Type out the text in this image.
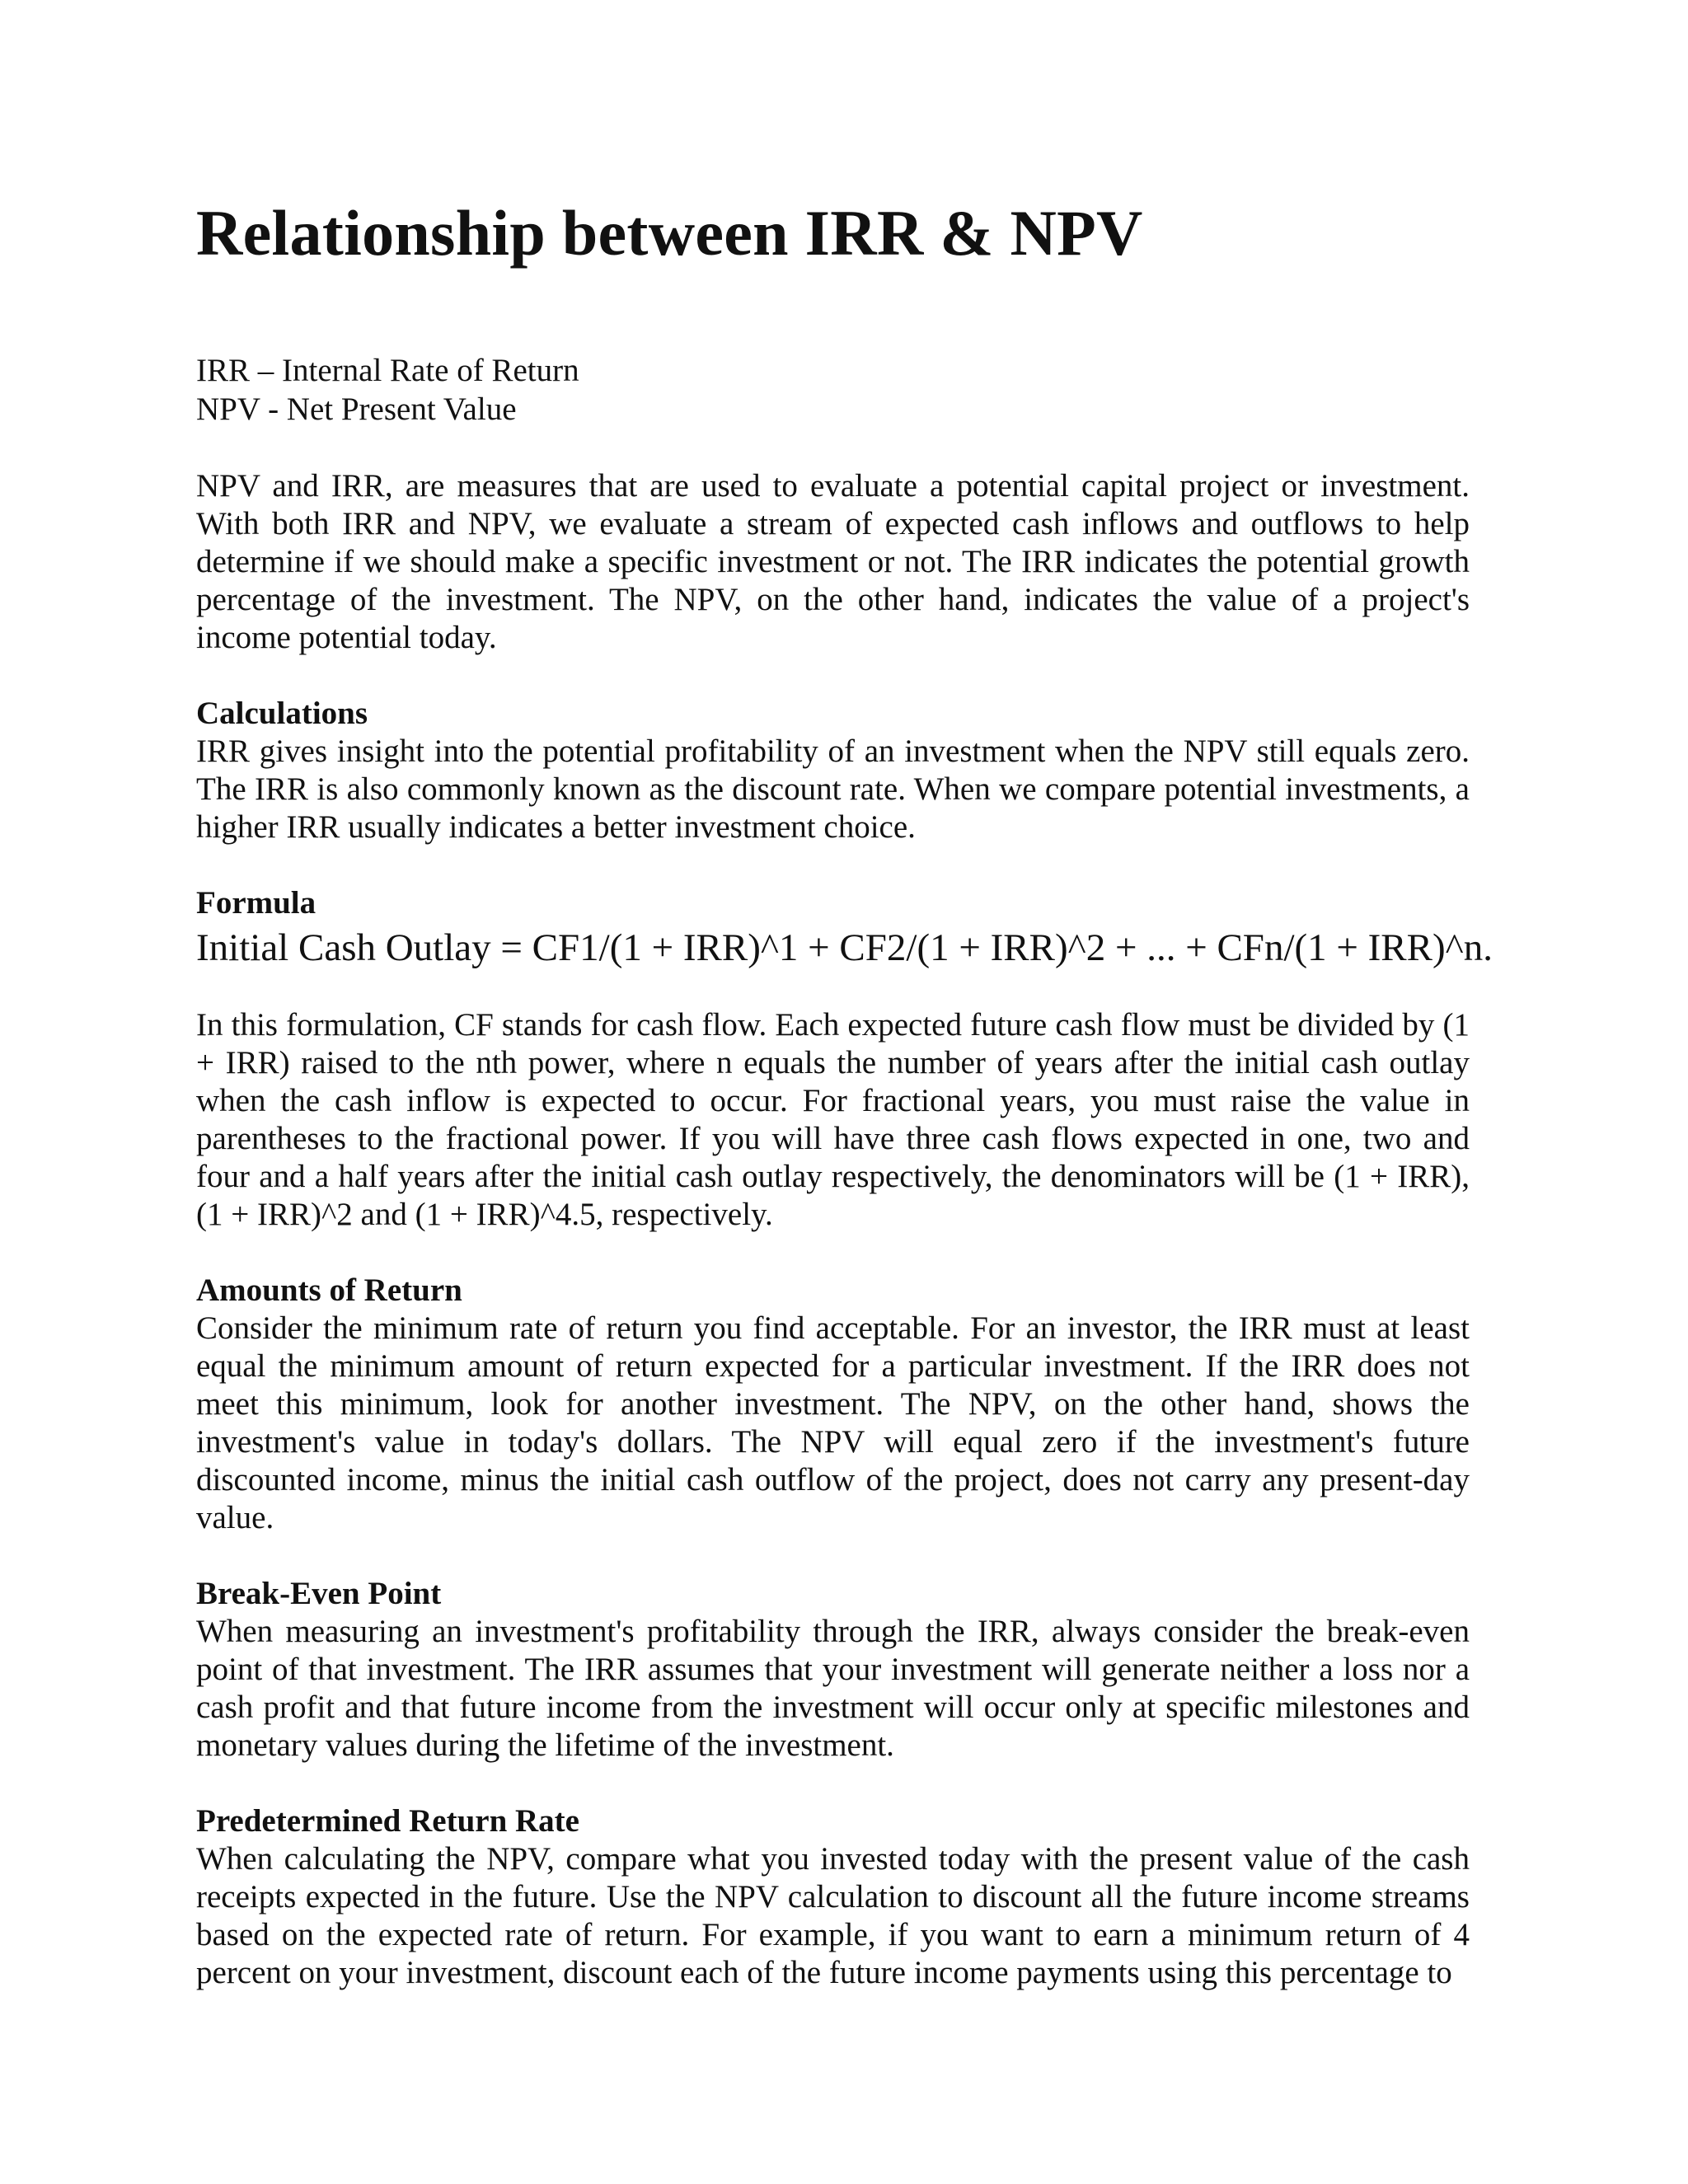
Relationship between IRR & NPV
IRR – Internal Rate of Return
NPV - Net Present Value

NPV and IRR, are measures that are used to evaluate a potential capital project or investment. With both IRR and NPV, we evaluate a stream of expected cash inflows and outflows to help determine if we should make a specific investment or not. The IRR indicates the potential growth percentage of the investment. The NPV, on the other hand, indicates the value of a project's income potential today.

Calculations

IRR gives insight into the potential profitability of an investment when the NPV still equals zero. The IRR is also commonly known as the discount rate. When we compare potential investments, a higher IRR usually indicates a better investment choice.

Formula
Initial Cash Outlay = CF1/(1 + IRR)^1 + CF2/(1 + IRR)^2 + ... + CFn/(1 + IRR)^n.

In this formulation, CF stands for cash flow. Each expected future cash flow must be divided by (1 + IRR) raised to the nth power, where n equals the number of years after the initial cash outlay when the cash inflow is expected to occur. For fractional years, you must raise the value in parentheses to the fractional power. If you will have three cash flows expected in one, two and four and a half years after the initial cash outlay respectively, the denominators will be (1 + IRR), (1 + IRR)^2 and (1 + IRR)^4.5, respectively.

Amounts of Return

Consider the minimum rate of return you find acceptable. For an investor, the IRR must at least equal the minimum amount of return expected for a particular investment. If the IRR does not meet this minimum, look for another investment. The NPV, on the other hand, shows the investment's value in today's dollars. The NPV will equal zero if the investment's future discounted income, minus the initial cash outflow of the project, does not carry any present-day value.

Break-Even Point

When measuring an investment's profitability through the IRR, always consider the break-even point of that investment. The IRR assumes that your investment will generate neither a loss nor a cash profit and that future income from the investment will occur only at specific milestones and monetary values during the lifetime of the investment.

Predetermined Return Rate

When calculating the NPV, compare what you invested today with the present value of the cash receipts expected in the future. Use the NPV calculation to discount all the future income streams based on the expected rate of return. For example, if you want to earn a minimum return of 4 percent on your investment, discount each of the future income payments using this percentage to
